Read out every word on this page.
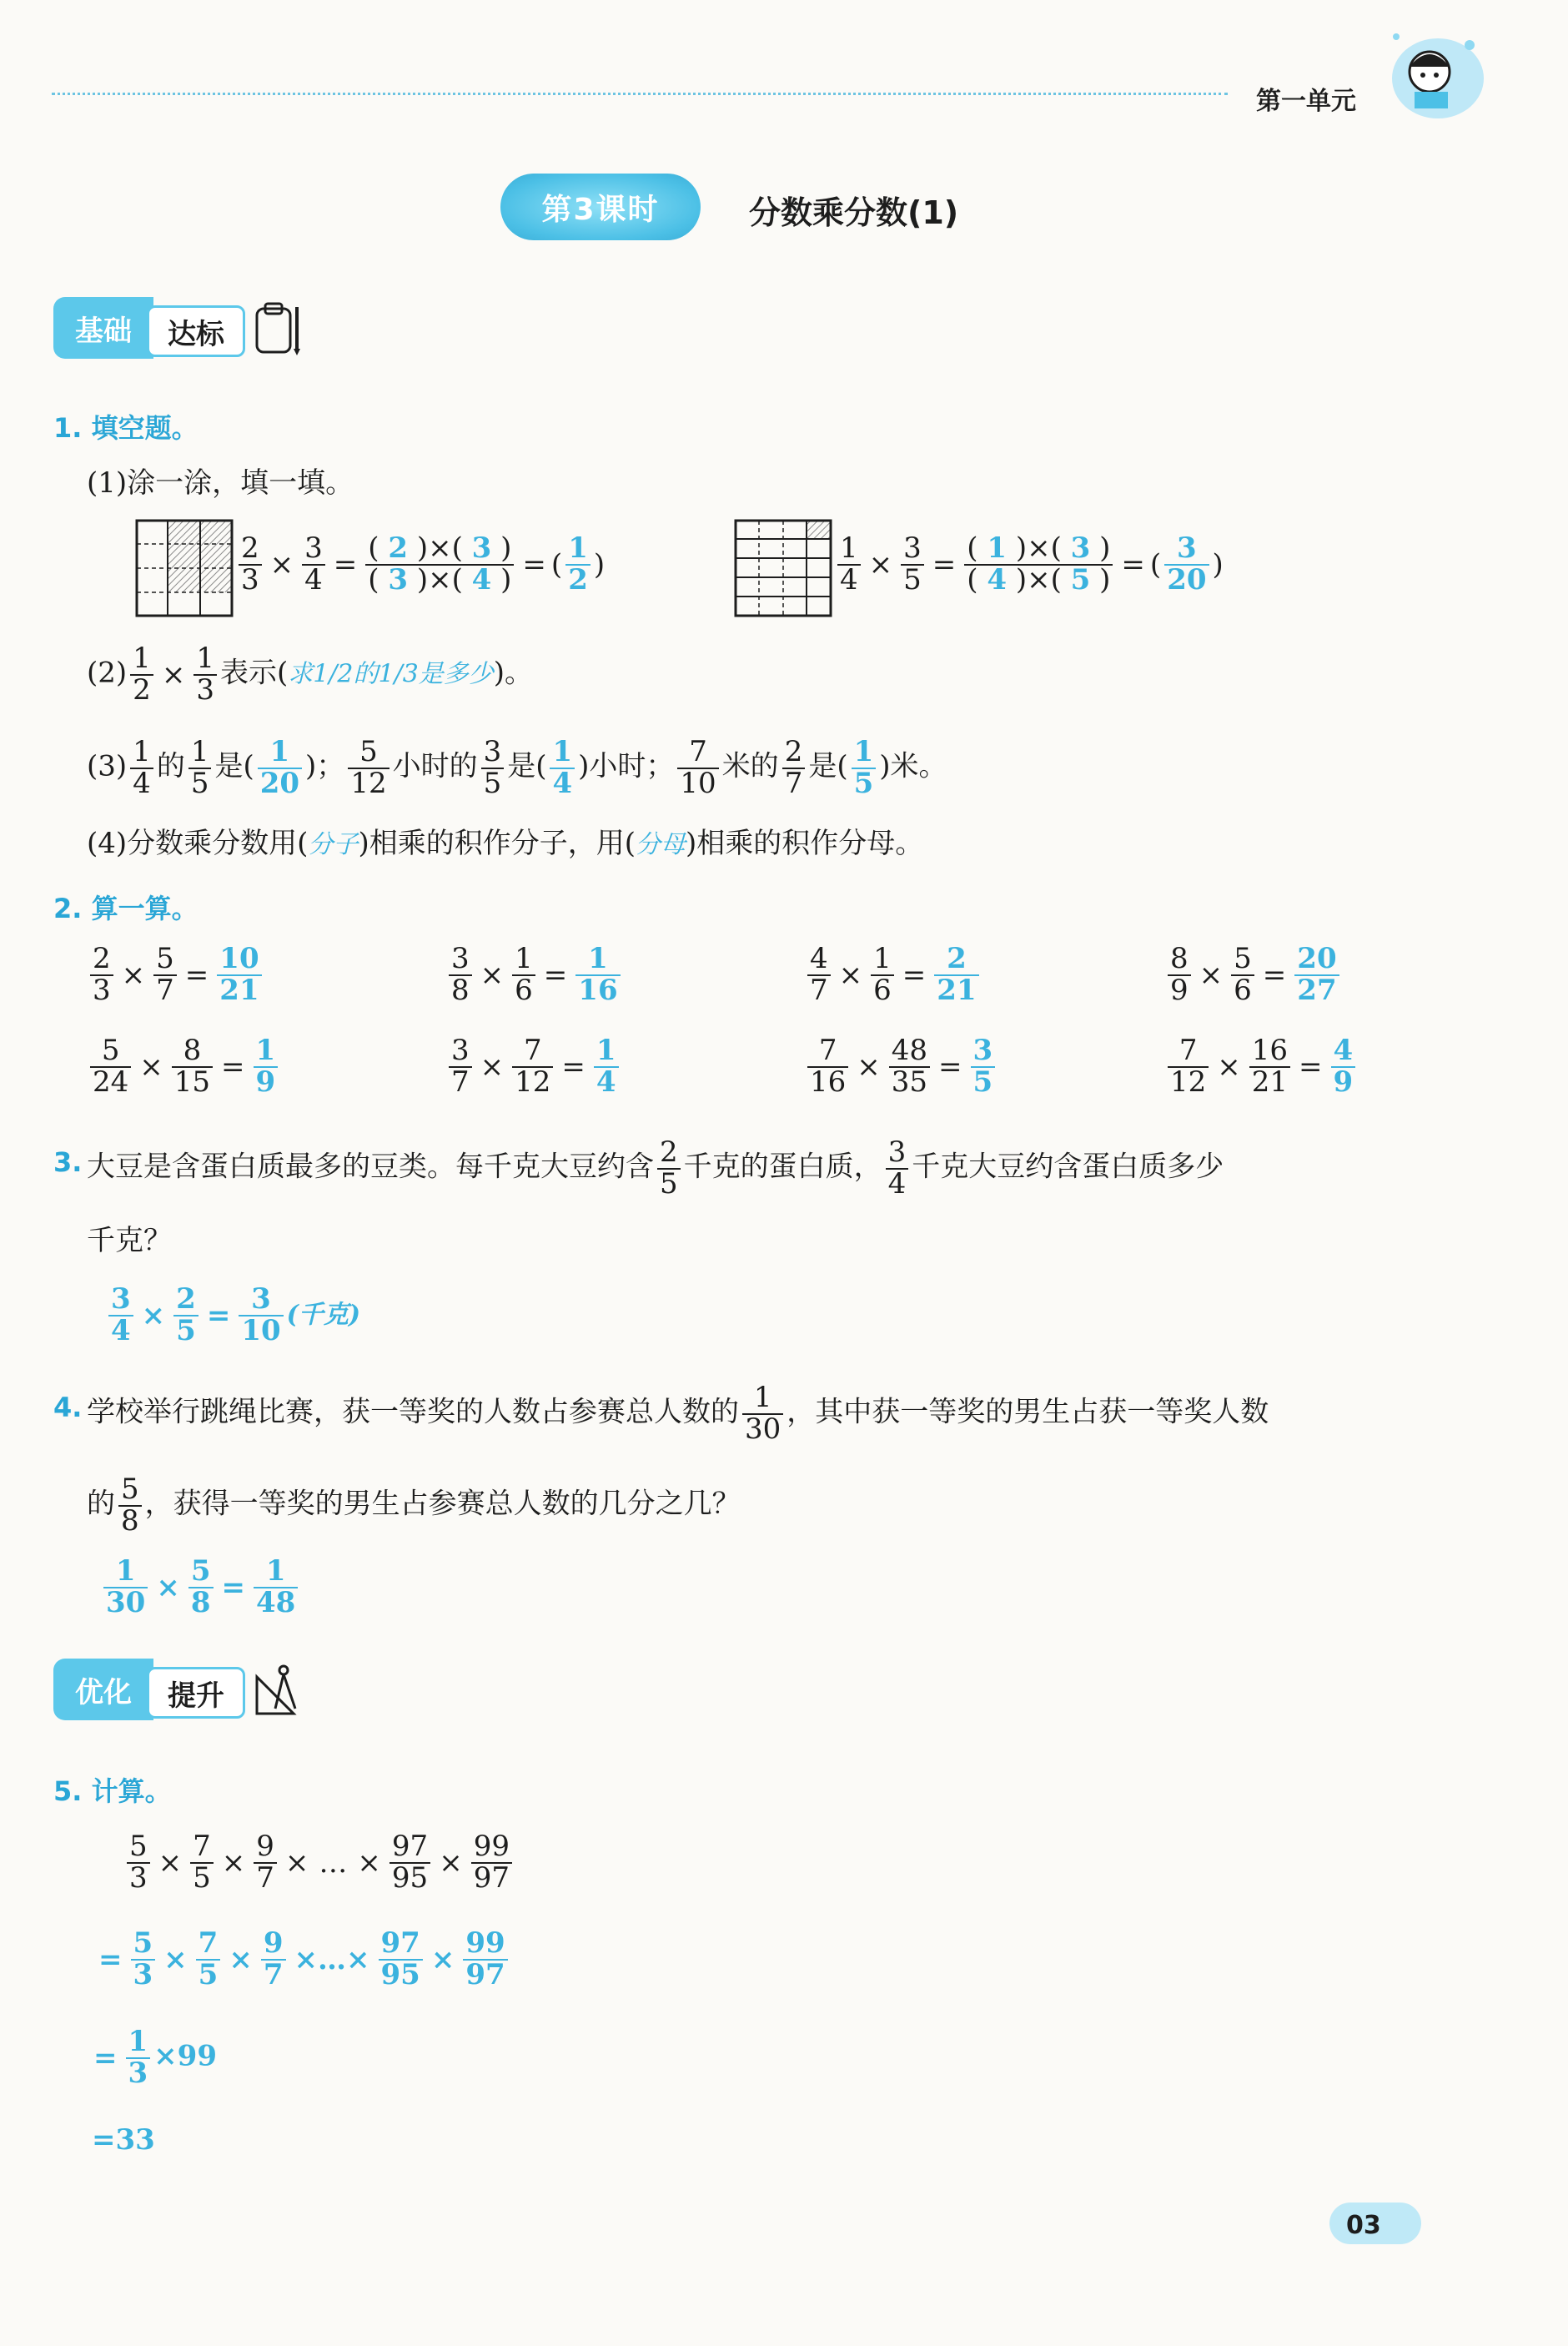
第一单元
第3课时	分数乘分数(1)
基础	达标
1. 填空题。
(1)涂一涂，填一填。
$\frac{2}{3} \times \frac{3}{4} = \frac{( 2 )\times( 3 )}{( 3 )\times( 4 )}$ = ( $\frac{1}{2}$ )	$\frac{1}{4} \times \frac{3}{5} = \frac{( 1 )\times( 3 )}{( 4 )\times( 5 )}$ = ( $\frac{3}{20}$ )
$(2) \frac{1}{2} \times \frac{1}{3}$ 表示(求1/2的1/3是多少)。
$(3) \frac{1}{4}$ 的 $\frac{1}{5}$ 是( $\frac{1}{20}$ )； $\frac{5}{12}$ 小时的 $\frac{3}{5}$ 是( $\frac{1}{4}$ )小时； $\frac{7}{10}$ 米的 $\frac{2}{7}$ 是( $\frac{1}{5}$ )米。
(4)分数乘分数用(分子)相乘的积作分子，用(分母)相乘的积作分母。
2. 算一算。
$\frac{2}{3} \times \frac{5}{7} = \frac{10}{21}$	$\frac{3}{8} \times \frac{1}{6} = \frac{1}{16}$	$\frac{4}{7} \times \frac{1}{6} = \frac{2}{21}$	$\frac{8}{9} \times \frac{5}{6} = \frac{20}{27}$
$\frac{5}{24} \times \frac{8}{15} = \frac{1}{9}$	$\frac{3}{7} \times \frac{7}{12} = \frac{1}{4}$	$\frac{7}{16} \times \frac{48}{35} = \frac{3}{5}$	$\frac{7}{12} \times \frac{16}{21} = \frac{4}{9}$
3. 大豆是含蛋白质最多的豆类。每千克大豆约含 $\frac{2}{5}$ 千克的蛋白质， $\frac{3}{4}$ 千克大豆约含蛋白质多少
千克？
$\frac{3}{4} \times \frac{2}{5} = \frac{3}{10}$ (千克)
4. 学校举行跳绳比赛，获一等奖的人数占参赛总人数的 $\frac{1}{30}$ ，其中获一等奖的男生占获一等奖人数
的 $\frac{5}{8}$ ，获得一等奖的男生占参赛总人数的几分之几？
$\frac{1}{30} \times \frac{5}{8} = \frac{1}{48}$
优化	提升
5. 计算。
$\frac{5}{3} \times \frac{7}{5} \times \frac{9}{7}$ × … × $\frac{97}{95} \times \frac{99}{97}$
= $\frac{5}{3} \times \frac{7}{5} \times \frac{9}{7}$ ×…× $\frac{97}{95} \times \frac{99}{97}$
= $\frac{1}{3} \times 99$
=33
03
